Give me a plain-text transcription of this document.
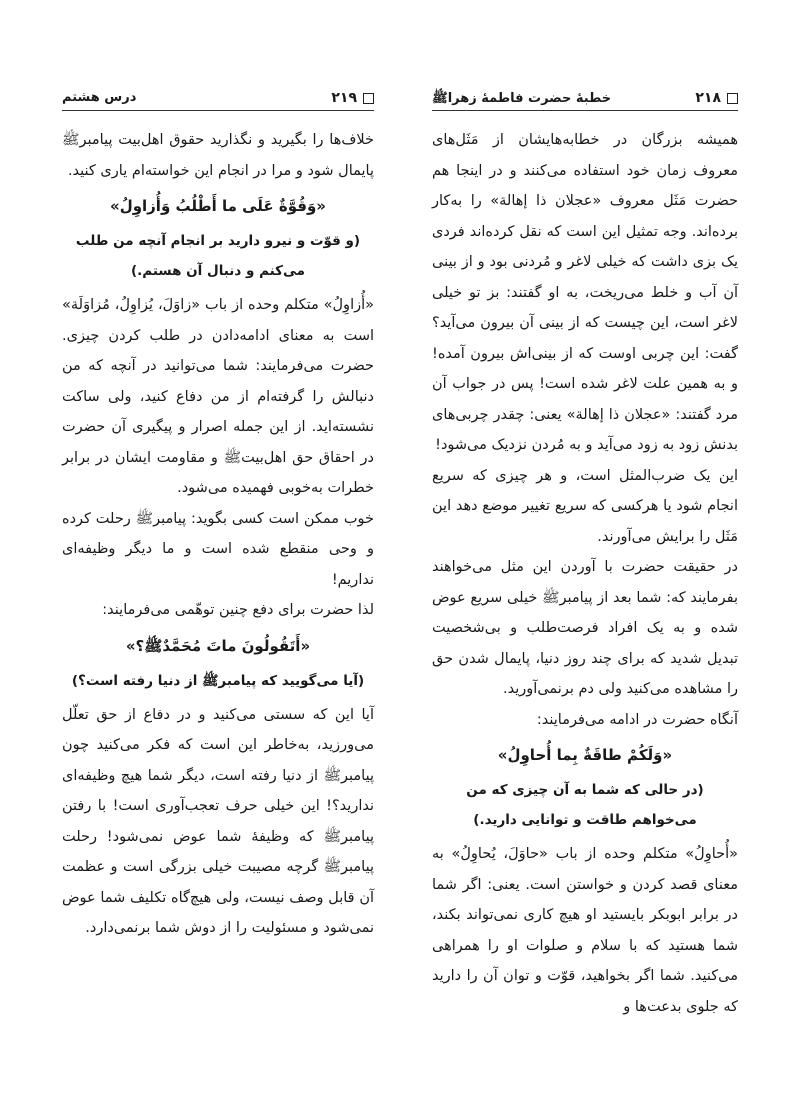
۲۱۹
درس هشتم

خلاف‌ها را بگیرید و نگذارید حقوق اهل‌بیت پیامبرﷺ پایمال شود و مرا در انجام این خواسته‌ام یاری کنید.

«وَقُوَّةٌ عَلَى ما أَطْلُبُ وَأُزاوِلُ»

(و قوّت و نیرو دارید بر انجام آنچه من طلب می‌کنم و دنبال آن هستم.)

«أُزاوِلُ» متکلم وحده از باب «زاوَلَ، یُزاوِلُ، مُزاوَلَة» است به معنای ادامه‌دادن در طلب کردن چیزی. حضرت می‌فرمایند: شما می‌توانید در آنچه که من دنبالش را گرفته‌ام از من دفاع کنید، ولی ساکت نشسته‌اید. از این جمله اصرار و پیگیری آن حضرت در احقاق حق اهل‌بیتﷺ و مقاومت ایشان در برابر خطرات به‌خوبی فهمیده می‌شود.

خوب ممکن است کسی بگوید: پیامبرﷺ رحلت کرده و وحی منقطع شده است و ما دیگر وظیفه‌ای نداریم!

لذا حضرت برای دفع چنین توهّمی می‌فرمایند:

«أَتَقُولُونَ ماتَ مُحَمَّدٌﷺ؟»

(آیا می‌گویید که پیامبرﷺ از دنیا رفته است؟)

آیا این که سستی می‌کنید و در دفاع از حق تعلّل می‌ورزید، به‌خاطر این است که فکر می‌کنید چون پیامبرﷺ از دنیا رفته است، دیگر شما هیچ وظیفه‌ای ندارید؟! این خیلی حرف تعجب‌آوری است! با رفتن پیامبرﷺ که وظیفهٔ شما عوض نمی‌شود! رحلت پیامبرﷺ گرچه مصیبت خیلی بزرگی است و عظمت آن قابل وصف نیست، ولی هیچ‌گاه تکلیف شما عوض نمی‌شود و مسئولیت را از دوش شما برنمی‌دارد.

۲۱۸
خطبهٔ حضرت فاطمهٔ زهراﷺ

همیشه بزرگان در خطابه‌هایشان از مَثَل‌های معروف زمان خود استفاده می‌کنند و در اینجا هم حضرت مَثَل معروف «عجلان ذا إهالة» را به‌کار برده‌اند. وجه تمثیل این است که نقل کرده‌اند فردی یک بزی داشت که خیلی لاغر و مُردنی بود و از بینی آن آب و خلط می‌ریخت، به او گفتند: بز تو خیلی لاغر است، این چیست که از بینی آن بیرون می‌آید؟ گفت: این چربی اوست که از بینی‌اش بیرون آمده! و به همین علت لاغر شده است! پس در جواب آن مرد گفتند: «عجلان ذا إهالة» یعنی: چقدر چربی‌های بدنش زود به زود می‌آید و به مُردن نزدیک می‌شود!

این یک ضرب‌المثل است، و هر چیزی که سریع انجام شود یا هرکسی که سریع تغییر موضع دهد این مَثَل را برایش می‌آورند.

در حقیقت حضرت با آوردن این مثل می‌خواهند بفرمایند که: شما بعد از پیامبرﷺ خیلی سریع عوض شده و به یک افراد فرصت‌طلب و بی‌شخصیت تبدیل شدید که برای چند روز دنیا، پایمال شدن حق را مشاهده می‌کنید ولی دم برنمی‌آورید.

آنگاه حضرت در ادامه می‌فرمایند:

«وَلَكُمْ طاقَةٌ بِما أُحاوِلُ»

(در حالی که شما به آن چیزی که من می‌خواهم طاقت و توانایی دارید.)

«أُحاوِلُ» متکلم وحده از باب «حاوَلَ، یُحاوِلُ» به معنای قصد کردن و خواستن است. یعنی: اگر شما در برابر ابوبکر بایستید او هیچ کاری نمی‌تواند بکند، شما هستید که با سلام و صلوات او را همراهی می‌کنید. شما اگر بخواهید، قوّت و توان آن را دارید که جلوی بدعت‌ها و
